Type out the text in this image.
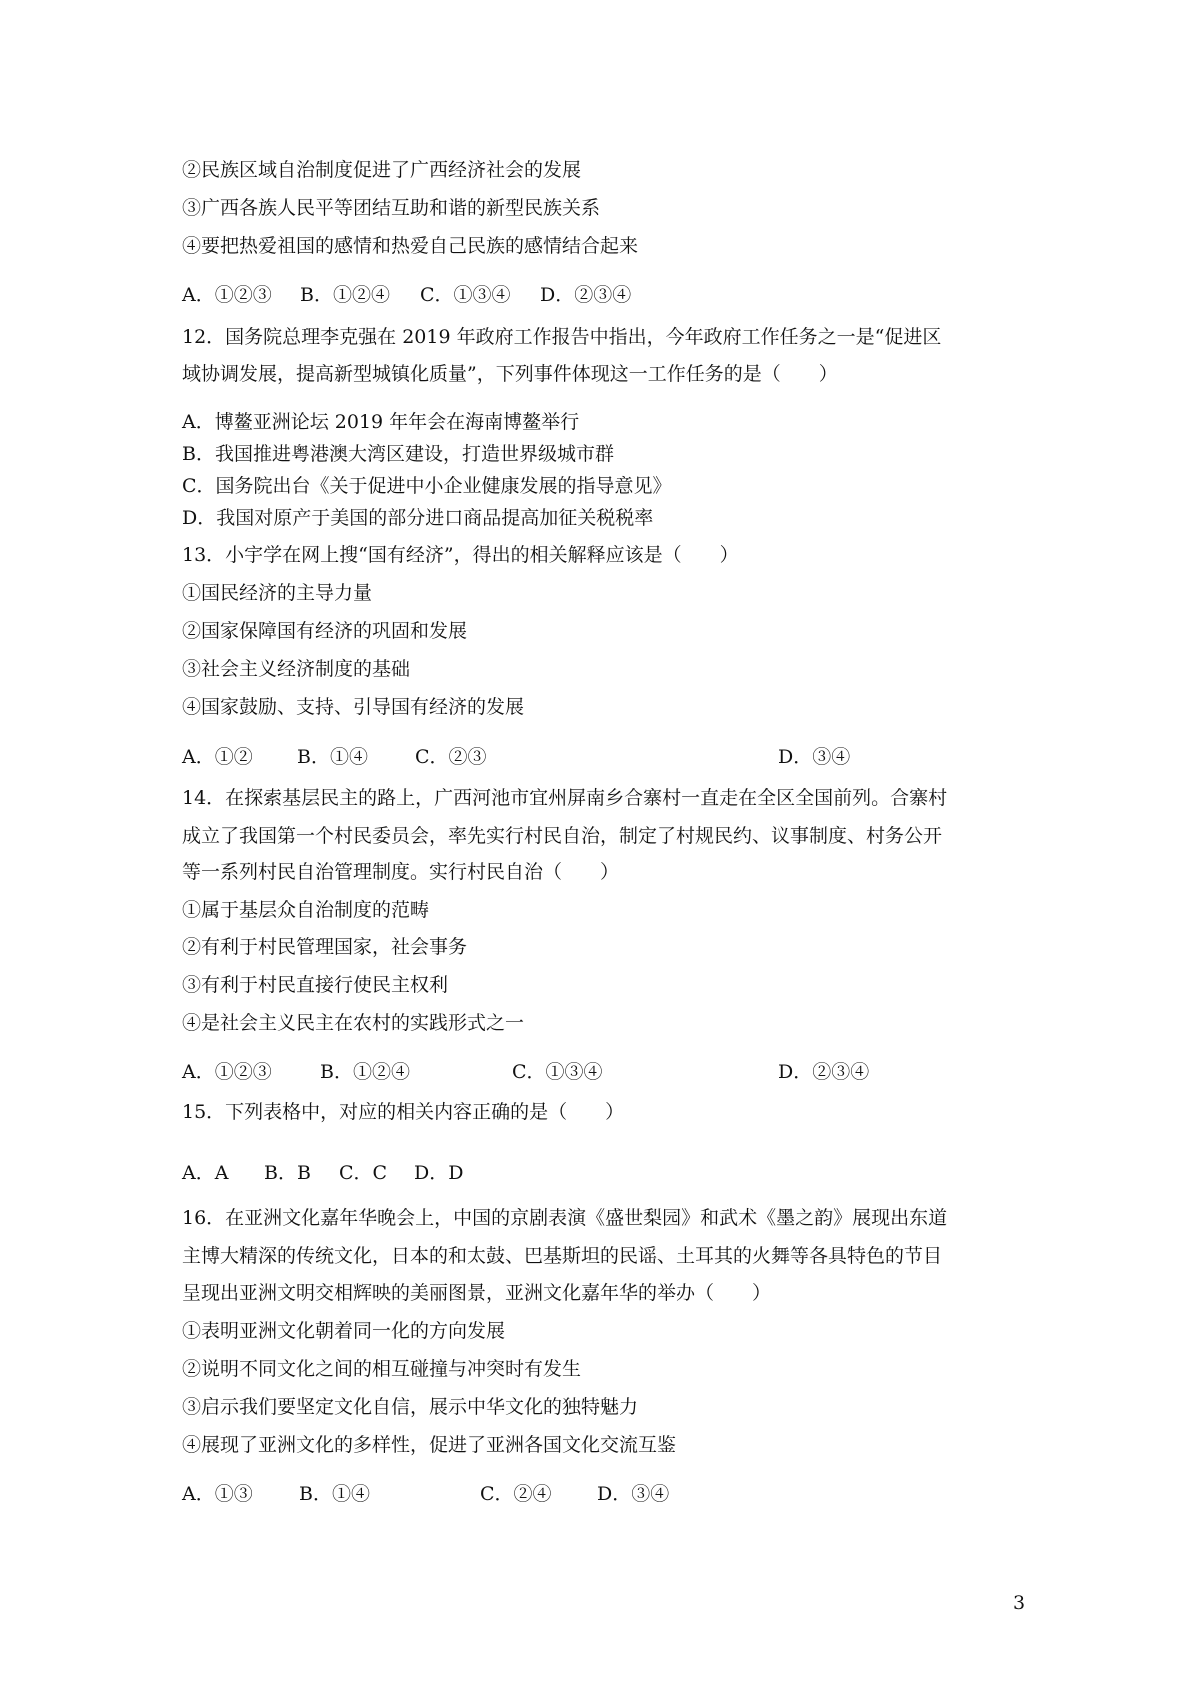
②民族区域自治制度促进了广西经济社会的发展
③广西各族人民平等团结互助和谐的新型民族关系
④要把热爱祖国的感情和热爱自己民族的感情结合起来
A．①②③ B．①②④ C．①③④ D．②③④
12．国务院总理李克强在 2019 年政府工作报告中指出，今年政府工作任务之一是“促进区
域协调发展，提高新型城镇化质量”，下列事件体现这一工作任务的是（　　）
A．博鳌亚洲论坛 2019 年年会在海南博鳌举行
B．我国推进粤港澳大湾区建设，打造世界级城市群
C．国务院出台《关于促进中小企业健康发展的指导意见》
D．我国对原产于美国的部分进口商品提高加征关税税率
13．小宇学在网上搜“国有经济”，得出的相关解释应该是（　　）
①国民经济的主导力量
②国家保障国有经济的巩固和发展
③社会主义经济制度的基础
④国家鼓励、支持、引导国有经济的发展
A．①② B．①④ C．②③	D．③④
14．在探索基层民主的路上，广西河池市宜州屏南乡合寨村一直走在全区全国前列。合寨村
成立了我国第一个村民委员会，率先实行村民自治，制定了村规民约、议事制度、村务公开
等一系列村民自治管理制度。实行村民自治（　　）
①属于基层众自治制度的范畴
②有利于村民管理国家，社会事务
③有利于村民直接行使民主权利
④是社会主义民主在农村的实践形式之一
A．①②③	B．①②④	C．①③④	D．②③④
15．下列表格中，对应的相关内容正确的是（　　）
A．A B．B C．C D．D
16．在亚洲文化嘉年华晚会上，中国的京剧表演《盛世梨园》和武术《墨之韵》展现出东道
主博大精深的传统文化，日本的和太鼓、巴基斯坦的民谣、土耳其的火舞等各具特色的节目
呈现出亚洲文明交相辉映的美丽图景，亚洲文化嘉年华的举办（　　）
①表明亚洲文化朝着同一化的方向发展
②说明不同文化之间的相互碰撞与冲突时有发生
③启示我们要坚定文化自信，展示中华文化的独特魅力
④展现了亚洲文化的多样性，促进了亚洲各国文化交流互鉴
A．①③ B．①④	C．②④ D．③④
3
